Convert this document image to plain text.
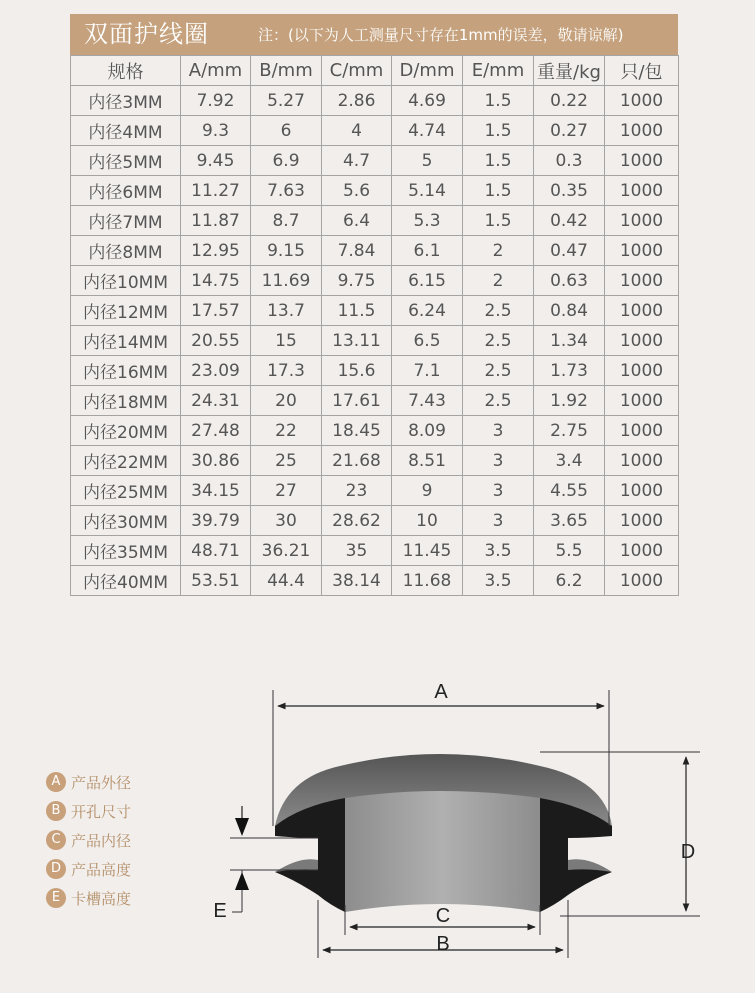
双面护线圈	注：(以下为人工测量尺寸存在1mm的误差，敬请谅解)
规格	A/mm	B/mm	C/mm	D/mm	E/mm	重量/kg	只/包
内径3MM	7.92	5.27	2.86	4.69	1.5	0.22	1000
内径4MM	9.3	6	4	4.74	1.5	0.27	1000
内径5MM	9.45	6.9	4.7	5	1.5	0.3	1000
内径6MM	11.27	7.63	5.6	5.14	1.5	0.35	1000
内径7MM	11.87	8.7	6.4	5.3	1.5	0.42	1000
内径8MM	12.95	9.15	7.84	6.1	2	0.47	1000
内径10MM	14.75	11.69	9.75	6.15	2	0.63	1000
内径12MM	17.57	13.7	11.5	6.24	2.5	0.84	1000
内径14MM	20.55	15	13.11	6.5	2.5	1.34	1000
内径16MM	23.09	17.3	15.6	7.1	2.5	1.73	1000
内径18MM	24.31	20	17.61	7.43	2.5	1.92	1000
内径20MM	27.48	22	18.45	8.09	3	2.75	1000
内径22MM	30.86	25	21.68	8.51	3	3.4	1000
内径25MM	34.15	27	23	9	3	4.55	1000
内径30MM	39.79	30	28.62	10	3	3.65	1000
内径35MM	48.71	36.21	35	11.45	3.5	5.5	1000
内径40MM	53.51	44.4	38.14	11.68	3.5	6.2	1000
A
D
C
B
E
A 产品外径
B 开孔尺寸
C 产品内径
D 产品高度
E 卡槽高度
